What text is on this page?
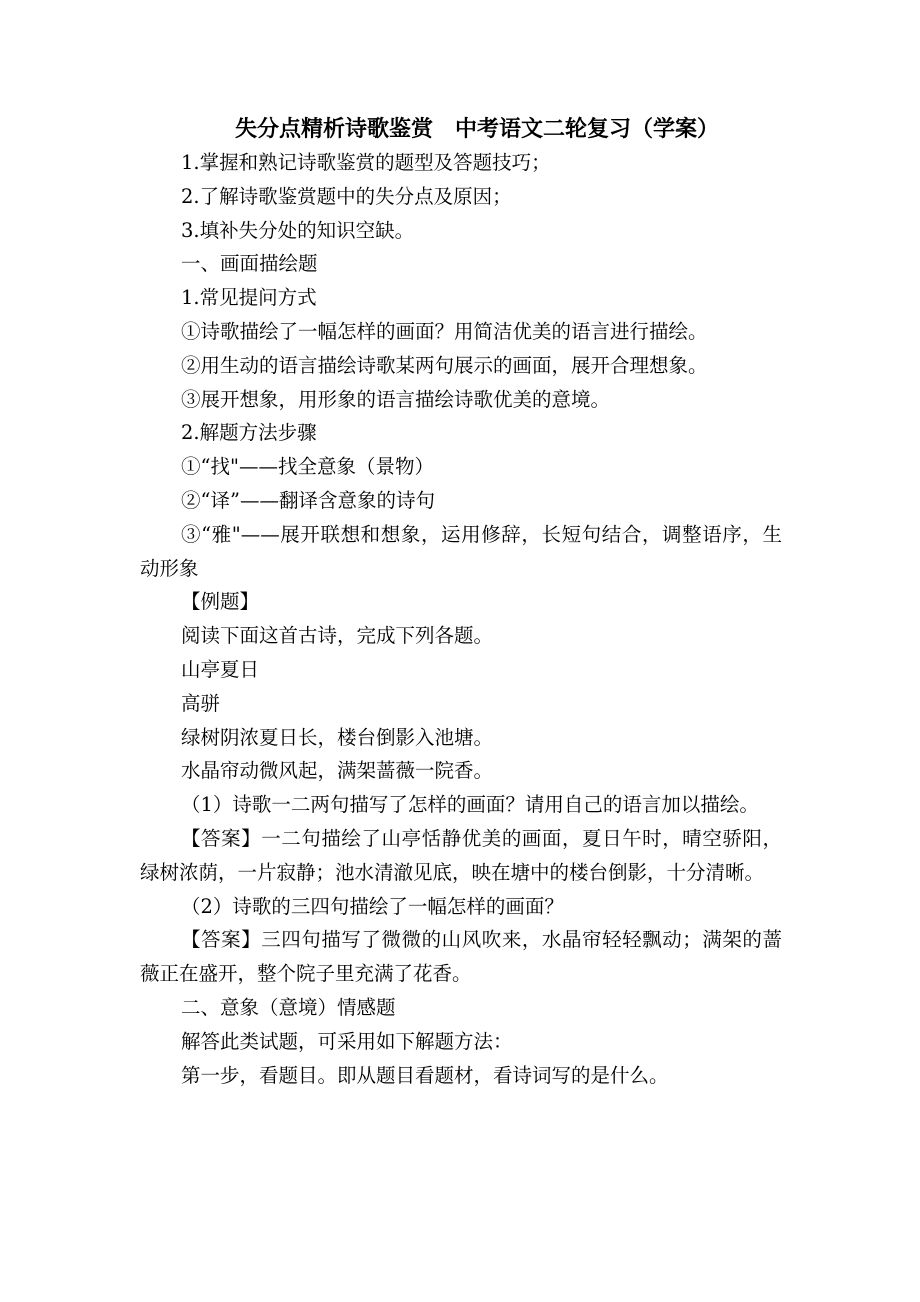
失分点精析诗歌鉴赏　中考语文二轮复习（学案）

1.掌握和熟记诗歌鉴赏的题型及答题技巧；

2.了解诗歌鉴赏题中的失分点及原因；

3.填补失分处的知识空缺。

一、画面描绘题

1.常见提问方式

①诗歌描绘了一幅怎样的画面？用简洁优美的语言进行描绘。

②用生动的语言描绘诗歌某两句展示的画面，展开合理想象。

③展开想象，用形象的语言描绘诗歌优美的意境。

2.解题方法步骤

①“找"——找全意象（景物）

②“译”——翻译含意象的诗句

③“雅"——展开联想和想象，运用修辞，长短句结合，调整语序，生动形象

【例题】

阅读下面这首古诗，完成下列各题。

山亭夏日

高骈

绿树阴浓夏日长，楼台倒影入池塘。

水晶帘动微风起，满架蔷薇一院香。

（1）诗歌一二两句描写了怎样的画面？请用自己的语言加以描绘。

【答案】一二句描绘了山亭恬静优美的画面，夏日午时，晴空骄阳，绿树浓荫，一片寂静；池水清澈见底，映在塘中的楼台倒影，十分清晰。

（2）诗歌的三四句描绘了一幅怎样的画面？

【答案】三四句描写了微微的山风吹来，水晶帘轻轻飘动；满架的蔷薇正在盛开，整个院子里充满了花香。

二、意象（意境）情感题

解答此类试题，可采用如下解题方法：

第一步，看题目。即从题目看题材，看诗词写的是什么。
